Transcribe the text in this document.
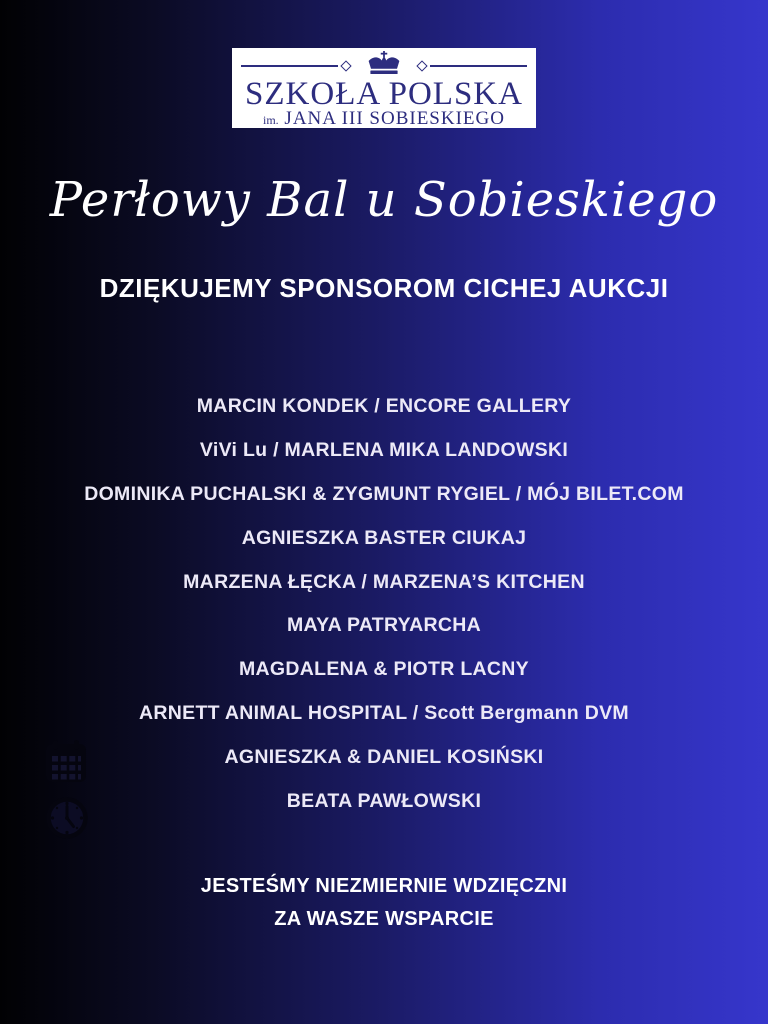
SZKOŁA POLSKA
im. JANA III SOBIESKIEGO
Perłowy Bal u Sobieskiego
DZIĘKUJEMY SPONSOROM CICHEJ AUKCJI
MARCIN KONDEK / ENCORE GALLERY
ViVi Lu / MARLENA MIKA LANDOWSKI
DOMINIKA PUCHALSKI & ZYGMUNT RYGIEL / MÓJ BILET.COM
AGNIESZKA BASTER CIUKAJ
MARZENA ŁĘCKA / MARZENA’S KITCHEN
MAYA PATRYARCHA
MAGDALENA & PIOTR LACNY
ARNETT ANIMAL HOSPITAL / Scott Bergmann DVM
AGNIESZKA & DANIEL KOSIŃSKI
BEATA PAWŁOWSKI
JESTEŚMY NIEZMIERNIE WDZIĘCZNI
ZA WASZE WSPARCIE
